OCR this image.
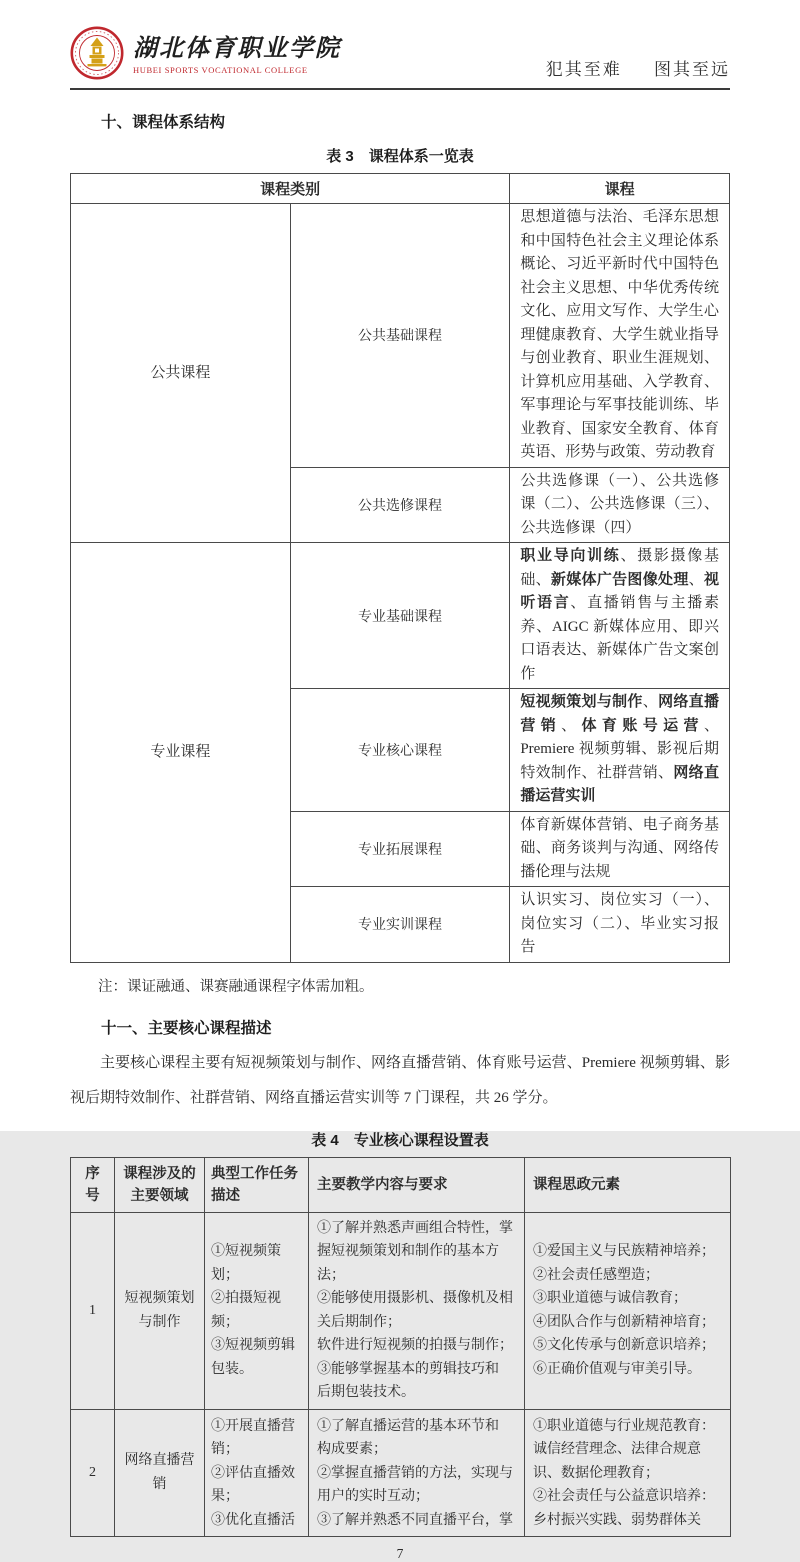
湖北体育职业学院
HUBEI SPORTS VOCATIONAL COLLEGE	犯其至难 图其至远
十、课程体系结构
表 3　课程体系一览表
课程类别		课程
公共课程	公共基础课程	思想道德与法治、毛泽东思想和中国特色社会主义理论体系概论、习近平新时代中国特色社会主义思想、中华优秀传统文化、应用文写作、大学生心理健康教育、大学生就业指导与创业教育、职业生涯规划、计算机应用基础、入学教育、军事理论与军事技能训练、毕业教育、国家安全教育、体育英语、形势与政策、劳动教育
	公共选修课程	公共选修课（一）、公共选修课（二）、公共选修课（三）、公共选修课（四）
专业课程	专业基础课程	职业导向训练、摄影摄像基础、新媒体广告图像处理、视听语言、直播销售与主播素养、AIGC 新媒体应用、即兴口语表达、新媒体广告文案创作
	专业核心课程	短视频策划与制作、网络直播营销、体育账号运营、Premiere 视频剪辑、影视后期特效制作、社群营销、网络直播运营实训
	专业拓展课程	体育新媒体营销、电子商务基础、商务谈判与沟通、网络传播伦理与法规
	专业实训课程	认识实习、岗位实习（一）、岗位实习（二）、毕业实习报告
注：课证融通、课赛融通课程字体需加粗。
十一、主要核心课程描述
主要核心课程主要有短视频策划与制作、网络直播营销、体育账号运营、Premiere 视频剪辑、影视后期特效制作、社群营销、网络直播运营实训等 7 门课程，共 26 学分。
表 4　专业核心课程设置表
序
号	课程涉及的
主要领域	典型工作任务
描述	主要教学内容与要求	课程思政元素
1	短视频策划
与制作	①短视频策
划；
②拍摄短视
频；
③短视频剪辑
包装。	①了解并熟悉声画组合特性，掌
握短视频策划和制作的基本方
法；
②能够使用摄影机、摄像机及相
关后期制作；
软件进行短视频的拍摄与制作；
③能够掌握基本的剪辑技巧和
后期包装技术。	①爱国主义与民族精神培养；
②社会责任感塑造；
③职业道德与诚信教育；
④团队合作与创新精神培育；
⑤文化传承与创新意识培养；
⑥正确价值观与审美引导。
2	网络直播营
销	①开展直播营
销；
②评估直播效
果；
③优化直播活	①了解直播运营的基本环节和
构成要素；
②掌握直播营销的方法，实现与
用户的实时互动；
③了解并熟悉不同直播平台，掌	①职业道德与行业规范教育：
诚信经营理念、法律合规意
识、数据伦理教育；
②社会责任与公益意识培养：
乡村振兴实践、弱势群体关
7
